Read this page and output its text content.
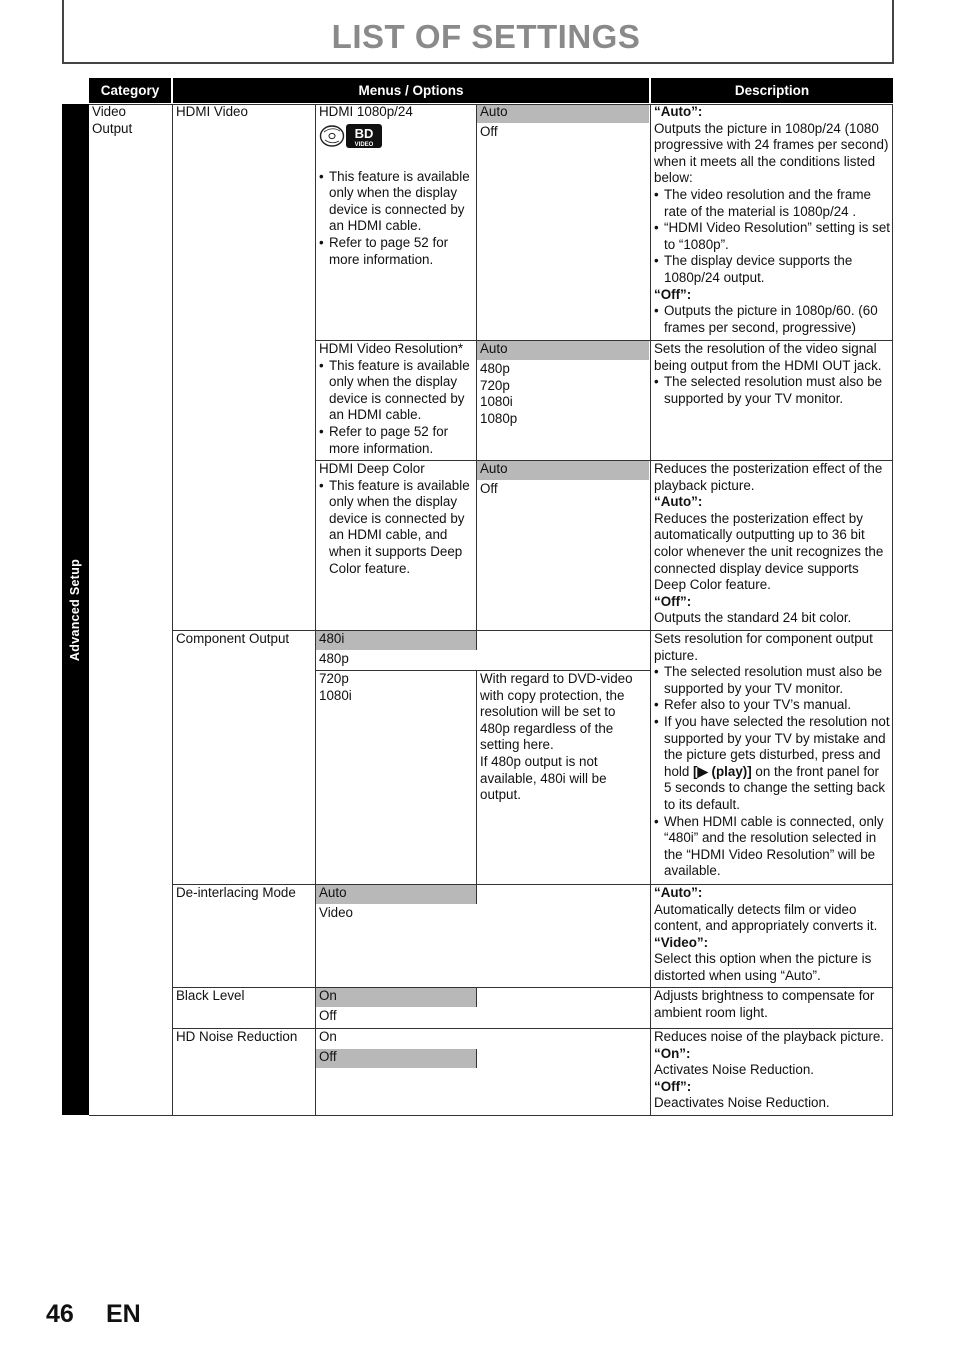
LIST OF SETTINGS
Advanced Setup
Category	Menus / Options	Description
Video Output
HDMI Video
Component Output
De-interlacing Mode
Black Level
HD Noise Reduction

HDMI 1080p/24

BD
VIDEO
• This feature is available only when the display device is connected by an HDMI cable.
• Refer to page 52 for more information.

Auto

Off

“Auto”:

Outputs the picture in 1080p/24 (1080 progressive with 24 frames per second) when it meets all the conditions listed below:

• The video resolution and the frame rate of the material is 1080p/24 .
• “HDMI Video Resolution” setting is set to “1080p”.
• The display device supports the 1080p/24 output.

“Off”:

• Outputs the picture in 1080p/60. (60 frames per second, progressive)

HDMI Video Resolution*

• This feature is available only when the display device is connected by an HDMI cable.
• Refer to page 52 for more information.

Auto

480p

720p

1080i

1080p

Sets the resolution of the video signal being output from the HDMI OUT jack.

• The selected resolution must also be supported by your TV monitor.

HDMI Deep Color

• This feature is available only when the display device is connected by an HDMI cable, and when it supports Deep Color feature.

Auto

Off

Reduces the posterization effect of the playback picture.

“Auto”:

Reduces the posterization effect by automatically outputting up to 36 bit color whenever the unit recognizes the connected display device supports Deep Color feature.

“Off”:

Outputs the standard 24 bit color.

480i

480p

720p

1080i

With regard to DVD-video with copy protection, the resolution will be set to 480p regardless of the setting here.

If 480p output is not available, 480i will be output.

Sets resolution for component output picture.

• The selected resolution must also be supported by your TV monitor.
• Refer also to your TV’s manual.
• If you have selected the resolution not supported by your TV by mistake and the picture gets disturbed, press and hold [▶ (play)] on the front panel for 5 seconds to change the setting back to its default.
• When HDMI cable is connected, only “480i” and the resolution selected in the “HDMI Video Resolution” will be available.

Auto

Video

“Auto”:

Automatically detects film or video content, and appropriately converts it.

“Video”:

Select this option when the picture is distorted when using “Auto”.

On

Off

Adjusts brightness to compensate for ambient room light.

On

Off

Reduces noise of the playback picture.

“On”:

Activates Noise Reduction.

“Off”:

Deactivates Noise Reduction.

46 EN
